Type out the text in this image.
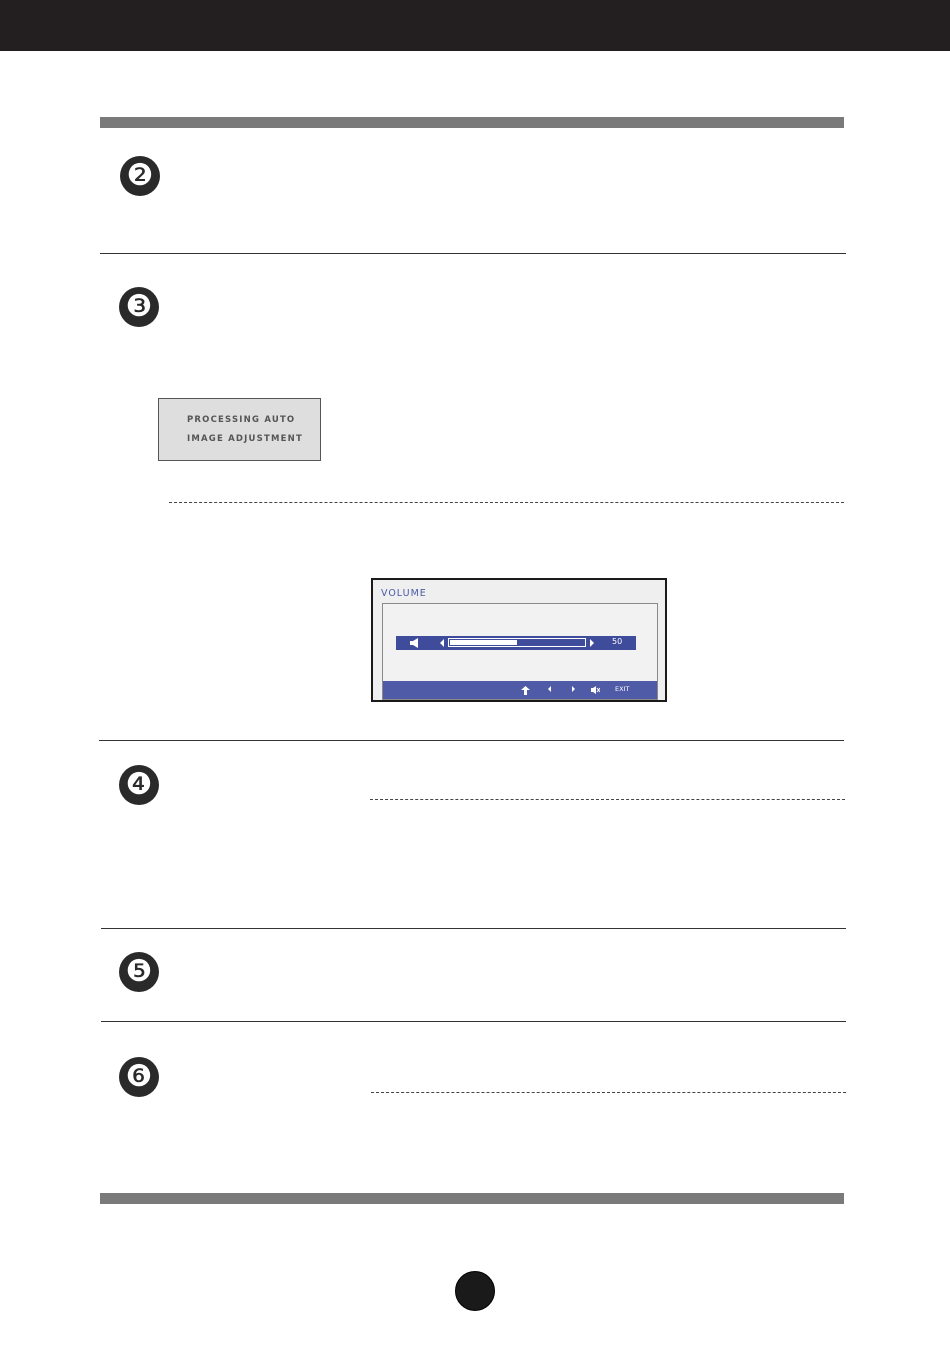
❷
❸
PROCESSING AUTO
IMAGE ADJUSTMENT
VOLUME
50
EXIT
❹
❺
❻
